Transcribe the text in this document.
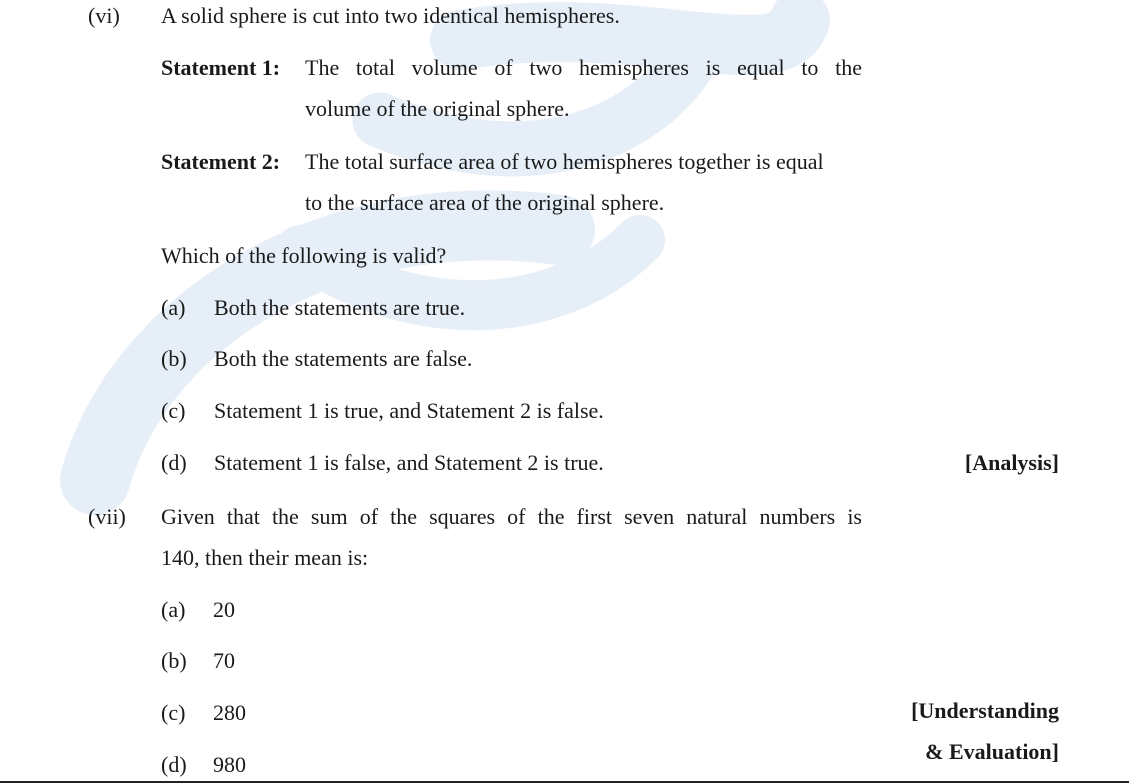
(vi) A solid sphere is cut into two identical hemispheres.
Statement 1: The total volume of two hemispheres is equal to the
volume of the original sphere.
Statement 2: The total surface area of two hemispheres together is equal
to the surface area of the original sphere.
Which of the following is valid?
(a) Both the statements are true.
(b) Both the statements are false.
(c) Statement 1 is true, and Statement 2 is false.
(d) Statement 1 is false, and Statement 2 is true.	[Analysis]
(vii) Given that the sum of the squares of the first seven natural numbers is
140, then their mean is:
(a) 20
(b) 70
(c) 280
(d) 980
[Understanding
& Evaluation]
